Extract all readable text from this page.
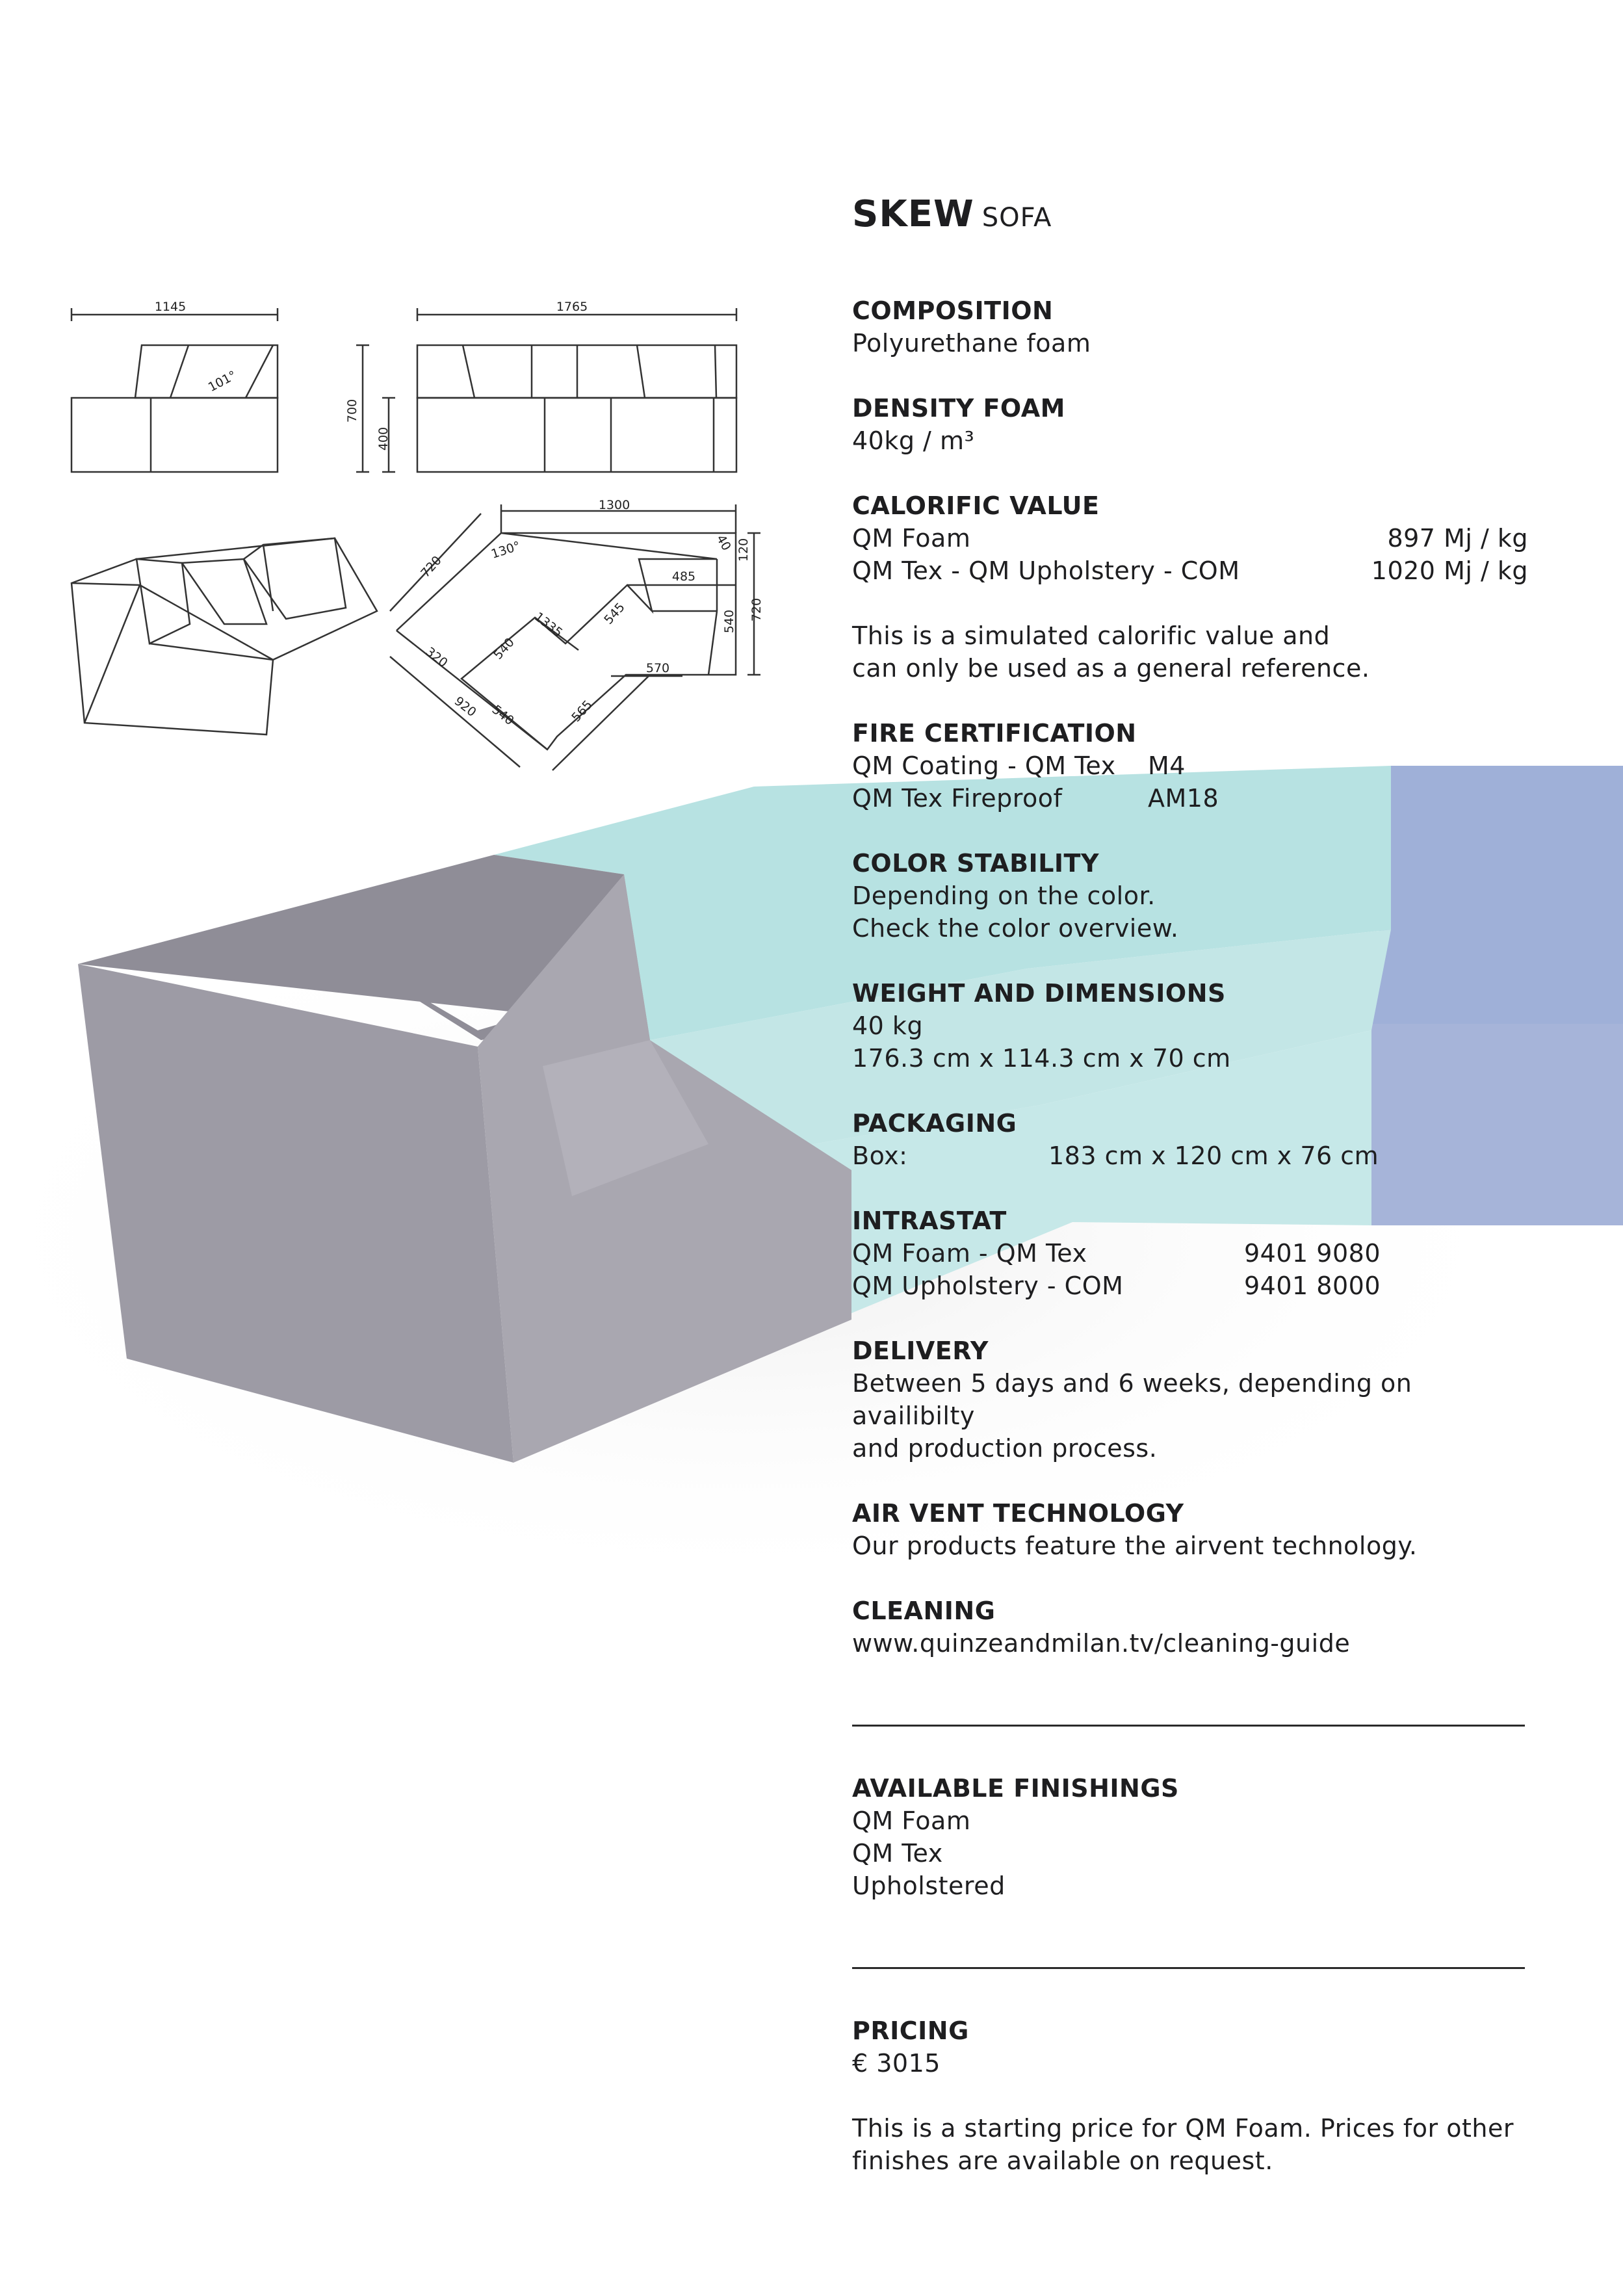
1145	1765
101°
700
400
1300
130°
720
40 120
485
1335	545
540
540 720
320	570
920 540	565
SKEW SOFA
COMPOSITION
Polyurethane foam
DENSITY FOAM
40kg / m³
CALORIFIC VALUE
QM Foam	897 Mj / kg
QM Tex - QM Upholstery - COM	1020 Mj / kg
This is a simulated calorific value and
can only be used as a general reference.
FIRE CERTIFICATION
QM Coating - QM Tex	M4
QM Tex Fireproof	AM18
COLOR STABILITY
Depending on the color.
Check the color overview.
WEIGHT AND DIMENSIONS
40 kg
176.3 cm x 114.3 cm x 70 cm
PACKAGING
Box:	183 cm x 120 cm x 76 cm
INTRASTAT
QM Foam - QM Tex	9401 9080
QM Upholstery - COM	9401 8000
DELIVERY
Between 5 days and 6 weeks, depending on availibilty
and production process.
AIR VENT TECHNOLOGY
Our products feature the airvent technology.
CLEANING
www.quinzeandmilan.tv/cleaning-guide
AVAILABLE FINISHINGS
QM Foam
QM Tex
Upholstered
PRICING
€ 3015
This is a starting price for QM Foam. Prices for other
finishes are available on request.
